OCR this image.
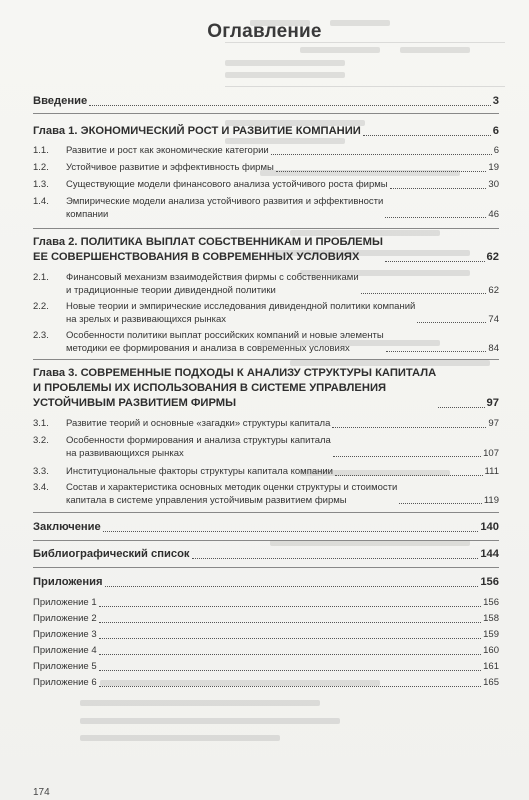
Оглавление
Введение	3
Глава 1. ЭКОНОМИЧЕСКИЙ РОСТ И РАЗВИТИЕ КОМПАНИИ	6
1.1.	Развитие и рост как экономические категории	6
1.2.	Устойчивое развитие и эффективность фирмы	19
1.3.	Существующие модели финансового анализа устойчивого роста фирмы	30
1.4.	Эмпирические модели анализа устойчивого развития и эффективности
компании	46
Глава 2. ПОЛИТИКА ВЫПЛАТ СОБСТВЕННИКАМ И ПРОБЛЕМЫ
ЕЕ СОВЕРШЕНСТВОВАНИЯ В СОВРЕМЕННЫХ УСЛОВИЯХ	62
2.1.	Финансовый механизм взаимодействия фирмы с собственниками
и традиционные теории дивидендной политики	62
2.2.	Новые теории и эмпирические исследования дивидендной политики компаний
на зрелых и развивающихся рынках	74
2.3.	Особенности политики выплат российских компаний и новые элементы
методики ее формирования и анализа в современных условиях	84
Глава 3. СОВРЕМЕННЫЕ ПОДХОДЫ К АНАЛИЗУ СТРУКТУРЫ КАПИТАЛА
И ПРОБЛЕМЫ ИХ ИСПОЛЬЗОВАНИЯ В СИСТЕМЕ УПРАВЛЕНИЯ
УСТОЙЧИВЫМ РАЗВИТИЕМ ФИРМЫ	97
3.1.	Развитие теорий и основные «загадки» структуры капитала	97
3.2.	Особенности формирования и анализа структуры капитала
на развивающихся рынках	107
3.3.	Институциональные факторы структуры капитала компании	111
3.4.	Состав и характеристика основных методик оценки структуры и стоимости
капитала в системе управления устойчивым развитием фирмы	119
Заключение	140
Библиографический список	144
Приложения	156
Приложение 1	156
Приложение 2	158
Приложение 3	159
Приложение 4	160
Приложение 5	161
Приложение 6	165
174
